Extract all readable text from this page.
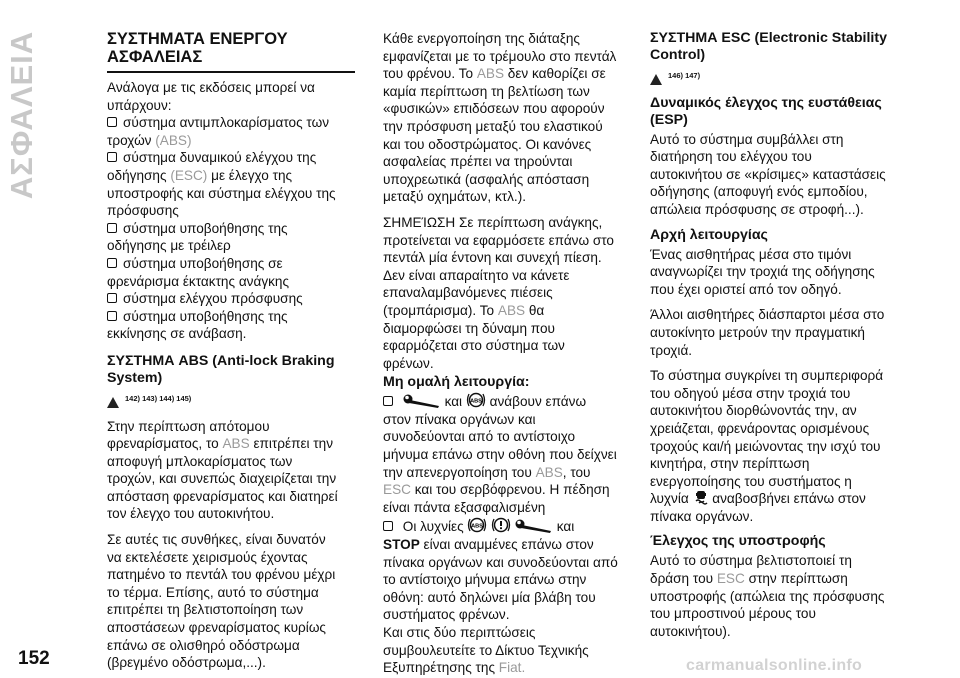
ΑΣΦΑΛΕΙΑ	ΣΥΣΤΗΜΑΤΑ ΕΝΕΡΓΟΥ ΑΣΦΑΛΕΙΑΣ

Ανάλογα με τις εκδόσεις μπορεί να

υπάρχουν:

σύστημα αντιμπλοκαρίσματος των

τροχών (ABS)

σύστημα δυναμικού ελέγχου της

οδήγησης (ESC) με έλεγχο της

υποστροφής και σύστημα ελέγχου της

πρόσφυσης

σύστημα υποβοήθησης της

οδήγησης με τρέιλερ

σύστημα υποβοήθησης σε

φρενάρισμα έκτακτης ανάγκης

σύστημα ελέγχου πρόσφυσης

σύστημα υποβοήθησης της

εκκίνησης σε ανάβαση.

ΣΥΣΤΗΜΑ ABS (Anti-lock Braking System)

142) 143) 144) 145)

Στην περίπτωση απότομου

φρεναρίσματος, το ABS επιτρέπει την

αποφυγή μπλοκαρίσματος των

τροχών, και συνεπώς διαχειρίζεται την

απόσταση φρεναρίσματος και διατηρεί

τον έλεγχο του αυτοκινήτου.

Σε αυτές τις συνθήκες, είναι δυνατόν

να εκτελέσετε χειρισμούς έχοντας

πατημένο το πεντάλ του φρένου μέχρι

το τέρμα. Επίσης, αυτό το σύστημα

επιτρέπει τη βελτιστοποίηση των

αποστάσεων φρεναρίσματος κυρίως

επάνω σε ολισθηρό οδόστρωμα

(βρεγμένο οδόστρωμα,...).

Κάθε ενεργοποίηση της διάταξης

εμφανίζεται με το τρέμουλο στο πεντάλ

του φρένου. Το ABS δεν καθορίζει σε

καμία περίπτωση τη βελτίωση των

«φυσικών» επιδόσεων που αφορούν

την πρόσφυση μεταξύ του ελαστικού

και του οδοστρώματος. Οι κανόνες

ασφαλείας πρέπει να τηρούνται

υποχρεωτικά (ασφαλής απόσταση

μεταξύ οχημάτων, κτλ.).

ΣΗΜΕΊΩΣΗ Σε περίπτωση ανάγκης,

προτείνεται να εφαρμόσετε επάνω στο

πεντάλ μία έντονη και συνεχή πίεση.

Δεν είναι απαραίτητο να κάνετε

επαναλαμβανόμενες πιέσεις

(τρομπάρισμα). Το ABS θα

διαμορφώσει τη δύναμη που

εφαρμόζεται στο σύστημα των

φρένων.

Μη ομαλή λειτουργία:

και ABS ανάβουν επάνω

στον πίνακα οργάνων και

συνοδεύονται από το αντίστοιχο

μήνυμα επάνω στην οθόνη που δείχνει

την απενεργοποίηση του ABS, του

ESC και του σερβόφρενου. Η πέδηση

είναι πάντα εξασφαλισμένη

Οι λυχνίες ABS	και

STOP είναι αναμμένες επάνω στον

πίνακα οργάνων και συνοδεύονται από

το αντίστοιχο μήνυμα επάνω στην

οθόνη: αυτό δηλώνει μία βλάβη του

συστήματος φρένων.

Και στις δύο περιπτώσεις

συμβουλευτείτε το Δίκτυο Τεχνικής

Εξυπηρέτησης της Fiat.

ΣΥΣΤΗΜΑ ESC (Electronic Stability Control)

146) 147)

Δυναμικός έλεγχος της ευστάθειας (ESP)

Αυτό το σύστημα συμβάλλει στη

διατήρηση του ελέγχου του

αυτοκινήτου σε «κρίσιμες» καταστάσεις

οδήγησης (αποφυγή ενός εμποδίου,

απώλεια πρόσφυσης σε στροφή...).

Αρχή λειτουργίας

Ένας αισθητήρας μέσα στο τιμόνι

αναγνωρίζει την τροχιά της οδήγησης

που έχει οριστεί από τον οδηγό.

Άλλοι αισθητήρες διάσπαρτοι μέσα στο

αυτοκίνητο μετρούν την πραγματική

τροχιά.

Το σύστημα συγκρίνει τη συμπεριφορά

του οδηγού μέσα στην τροχιά του

αυτοκινήτου διορθώνοντάς την, αν

χρειάζεται, φρενάροντας ορισμένους

τροχούς και/ή μειώνοντας την ισχύ του

κινητήρα, στην περίπτωση

ενεργοποίησης του συστήματος η

λυχνία αναβοσβήνει επάνω στον

πίνακα οργάνων.

Έλεγχος της υποστροφής

Αυτό το σύστημα βελτιστοποιεί τη

δράση του ESC στην περίπτωση

υποστροφής (απώλεια της πρόσφυσης

του μπροστινού μέρους του

αυτοκινήτου).

152	carmanualsonline.info
